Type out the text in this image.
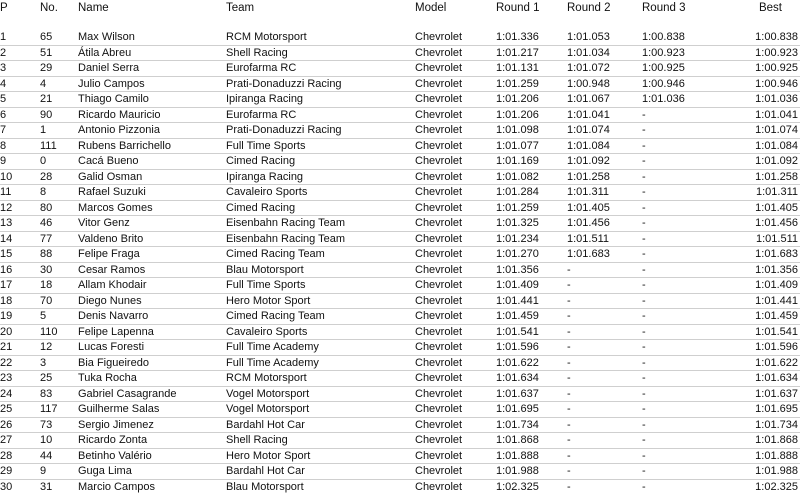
P	No.	Name	Team	Model	Round 1	Round 2	Round 3	Best

1	65	Max Wilson	RCM Motorsport	Chevrolet	1:01.336	1:01.053	1:00.838	1:00.838
2	51	Átila Abreu	Shell Racing	Chevrolet	1:01.217	1:01.034	1:00.923	1:00.923
3	29	Daniel Serra	Eurofarma RC	Chevrolet	1:01.131	1:01.072	1:00.925	1:00.925
4	4	Julio Campos	Prati-Donaduzzi Racing	Chevrolet	1:01.259	1:00.948	1:00.946	1:00.946
5	21	Thiago Camilo	Ipiranga Racing	Chevrolet	1:01.206	1:01.067	1:01.036	1:01.036
6	90	Ricardo Mauricio	Eurofarma RC	Chevrolet	1:01.206	1:01.041	-	1:01.041
7	1	Antonio Pizzonia	Prati-Donaduzzi Racing	Chevrolet	1:01.098	1:01.074	-	1:01.074
8	111	Rubens Barrichello	Full Time Sports	Chevrolet	1:01.077	1:01.084	-	1:01.084
9	0	Cacá Bueno	Cimed Racing	Chevrolet	1:01.169	1:01.092	-	1:01.092
10	28	Galid Osman	Ipiranga Racing	Chevrolet	1:01.082	1:01.258	-	1:01.258
11	8	Rafael Suzuki	Cavaleiro Sports	Chevrolet	1:01.284	1:01.311	-	1:01.311
12	80	Marcos Gomes	Cimed Racing	Chevrolet	1:01.259	1:01.405	-	1:01.405
13	46	Vitor Genz	Eisenbahn Racing Team	Chevrolet	1:01.325	1:01.456	-	1:01.456
14	77	Valdeno Brito	Eisenbahn Racing Team	Chevrolet	1:01.234	1:01.511	-	1:01.511
15	88	Felipe Fraga	Cimed Racing Team	Chevrolet	1:01.270	1:01.683	-	1:01.683
16	30	Cesar Ramos	Blau Motorsport	Chevrolet	1:01.356	-	-	1:01.356
17	18	Allam Khodair	Full Time Sports	Chevrolet	1:01.409	-	-	1:01.409
18	70	Diego Nunes	Hero Motor Sport	Chevrolet	1:01.441	-	-	1:01.441
19	5	Denis Navarro	Cimed Racing Team	Chevrolet	1:01.459	-	-	1:01.459
20	110	Felipe Lapenna	Cavaleiro Sports	Chevrolet	1:01.541	-	-	1:01.541
21	12	Lucas Foresti	Full Time Academy	Chevrolet	1:01.596	-	-	1:01.596
22	3	Bia Figueiredo	Full Time Academy	Chevrolet	1:01.622	-	-	1:01.622
23	25	Tuka Rocha	RCM Motorsport	Chevrolet	1:01.634	-	-	1:01.634
24	83	Gabriel Casagrande	Vogel Motorsport	Chevrolet	1:01.637	-	-	1:01.637
25	117	Guilherme Salas	Vogel Motorsport	Chevrolet	1:01.695	-	-	1:01.695
26	73	Sergio Jimenez	Bardahl Hot Car	Chevrolet	1:01.734	-	-	1:01.734
27	10	Ricardo Zonta	Shell Racing	Chevrolet	1:01.868	-	-	1:01.868
28	44	Betinho Valério	Hero Motor Sport	Chevrolet	1:01.888	-	-	1:01.888
29	9	Guga Lima	Bardahl Hot Car	Chevrolet	1:01.988	-	-	1:01.988
30	31	Marcio Campos	Blau Motorsport	Chevrolet	1:02.325	-	-	1:02.325
